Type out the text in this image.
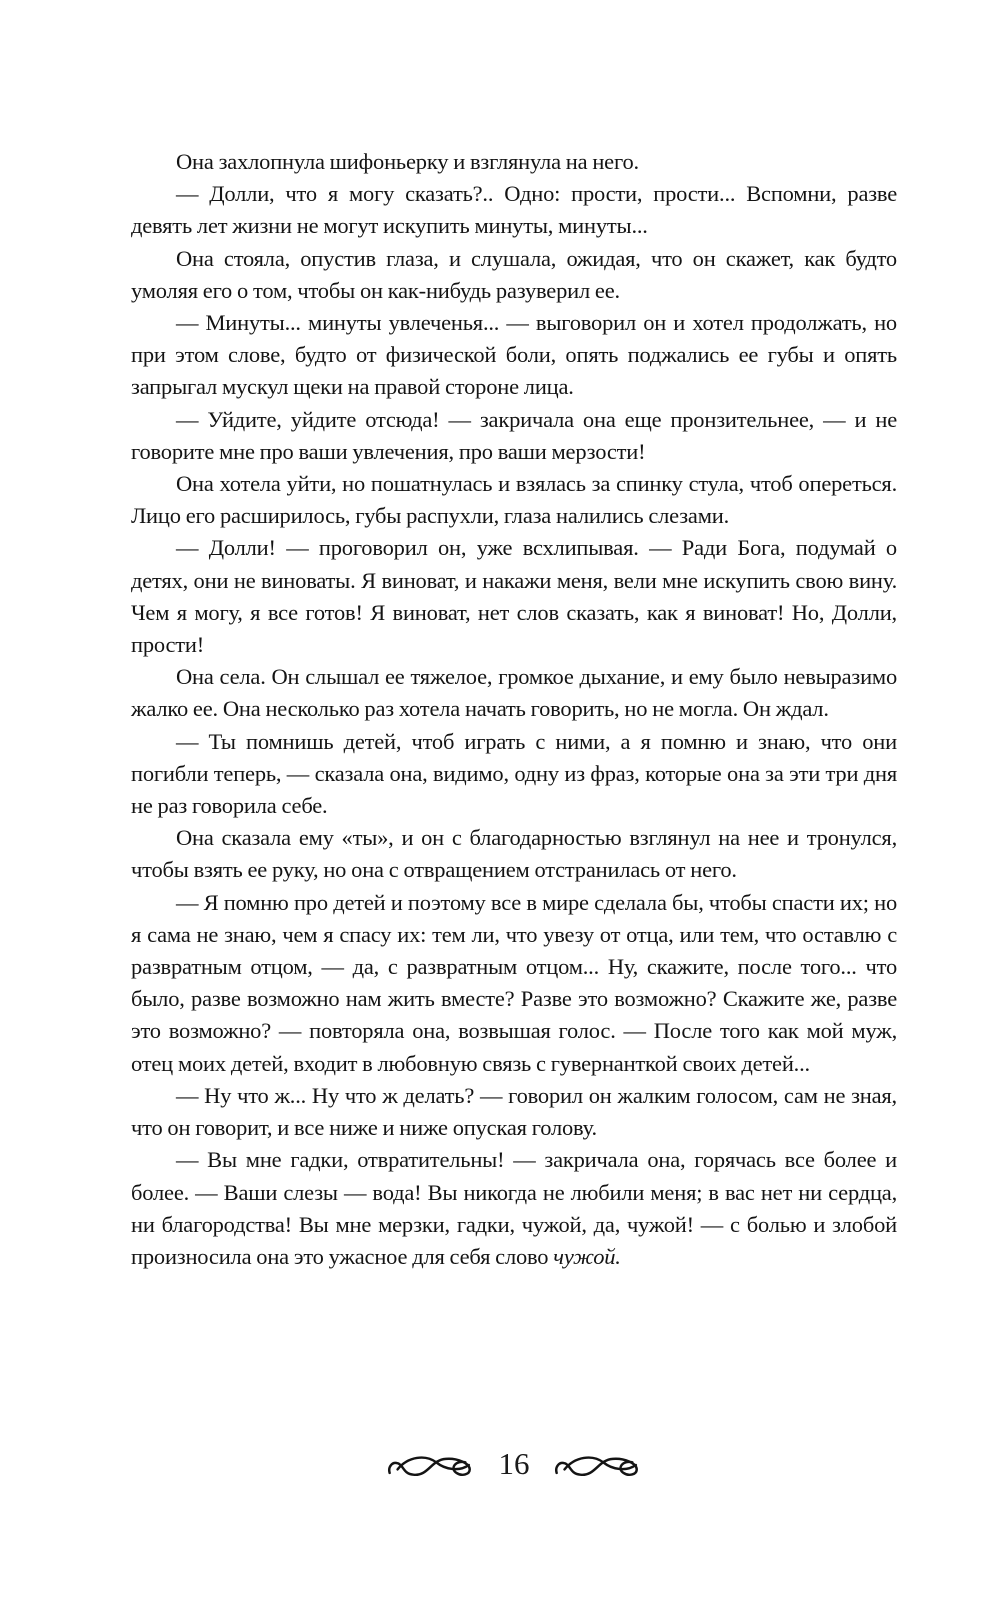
Она захлопнула шифоньерку и взглянула на него.

— Долли, что я могу сказать?.. Одно: прости, прости... Вспомни, разве девять лет жизни не могут искупить минуты, минуты...

Она стояла, опустив глаза, и слушала, ожидая, что он скажет, как будто умоляя его о том, чтобы он как-нибудь разуверил ее.

— Минуты... минуты увлеченья... — выговорил он и хотел продолжать, но при этом слове, будто от физической боли, опять поджались ее губы и опять запрыгал мускул щеки на правой стороне лица.

— Уйдите, уйдите отсюда! — закричала она еще пронзительнее, — и не говорите мне про ваши увлечения, про ваши мерзости!

Она хотела уйти, но пошатнулась и взялась за спинку стула, чтоб опереться. Лицо его расширилось, губы распухли, глаза налились слезами.

— Долли! — проговорил он, уже всхлипывая. — Ради Бога, подумай о детях, они не виноваты. Я виноват, и накажи меня, вели мне искупить свою вину. Чем я могу, я все готов! Я виноват, нет слов сказать, как я виноват! Но, Долли, прости!

Она села. Он слышал ее тяжелое, громкое дыхание, и ему было невыразимо жалко ее. Она несколько раз хотела начать говорить, но не могла. Он ждал.

— Ты помнишь детей, чтоб играть с ними, а я помню и знаю, что они погибли теперь, — сказала она, видимо, одну из фраз, которые она за эти три дня не раз говорила себе.

Она сказала ему «ты», и он с благодарностью взглянул на нее и тронулся, чтобы взять ее руку, но она с отвращением отстранилась от него.

— Я помню про детей и поэтому все в мире сделала бы, чтобы спасти их; но я сама не знаю, чем я спасу их: тем ли, что увезу от отца, или тем, что оставлю с развратным отцом, — да, с развратным отцом... Ну, скажите, после того... что было, разве возможно нам жить вместе? Разве это возможно? Скажите же, разве это возможно? — повторяла она, возвышая голос. — После того как мой муж, отец моих детей, входит в любовную связь с гувернанткой своих детей...

— Ну что ж... Ну что ж делать? — говорил он жалким голосом, сам не зная, что он говорит, и все ниже и ниже опуская голову.

— Вы мне гадки, отвратительны! — закричала она, горячась все более и более. — Ваши слезы — вода! Вы никогда не любили меня; в вас нет ни сердца, ни благородства! Вы мне мерзки, гадки, чужой, да, чужой! — с болью и злобой произносила она это ужасное для себя слово чужой.

16
